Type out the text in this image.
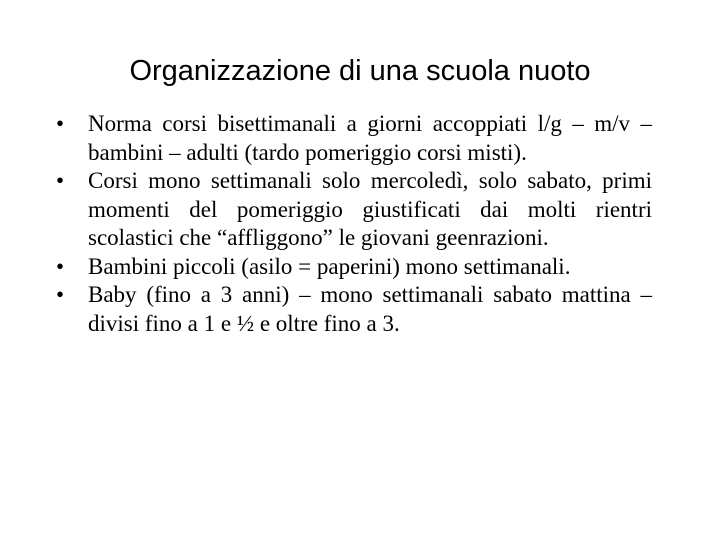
Organizzazione di una scuola nuoto
•	Norma corsi bisettimanali a giorni accoppiati l/g – m/v – bambini – adulti (tardo pomeriggio corsi misti).
•	Corsi mono settimanali solo mercoledì, solo sabato, primi momenti del pomeriggio giustificati dai molti rientri scolastici che “affliggono” le giovani geenrazioni.
•	Bambini piccoli (asilo = paperini) mono settimanali.
•	Baby (fino a 3 anni) – mono settimanali sabato mattina – divisi fino a 1 e ½ e oltre fino a 3.
